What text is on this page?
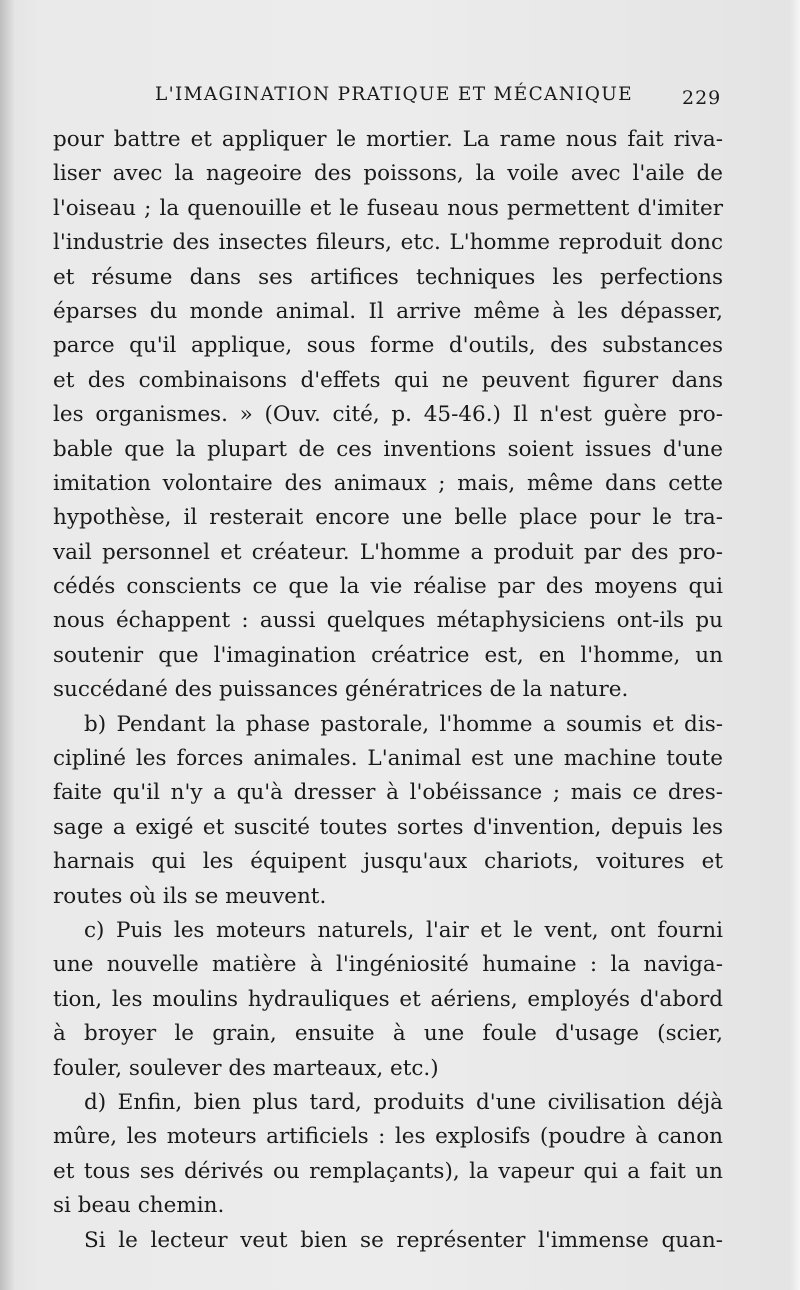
L'IMAGINATION PRATIQUE ET MÉCANIQUE	229
pour battre et appliquer le mortier. La rame nous fait riva-
liser avec la nageoire des poissons, la voile avec l'aile de
l'oiseau ; la quenouille et le fuseau nous permettent d'imiter
l'industrie des insectes fileurs, etc. L'homme reproduit donc
et résume dans ses artifices techniques les perfections
éparses du monde animal. Il arrive même à les dépasser,
parce qu'il applique, sous forme d'outils, des substances
et des combinaisons d'effets qui ne peuvent figurer dans
les organismes. » (Ouv. cité, p. 45-46.) Il n'est guère pro-
bable que la plupart de ces inventions soient issues d'une
imitation volontaire des animaux ; mais, même dans cette
hypothèse, il resterait encore une belle place pour le tra-
vail personnel et créateur. L'homme a produit par des pro-
cédés conscients ce que la vie réalise par des moyens qui
nous échappent : aussi quelques métaphysiciens ont-ils pu
soutenir que l'imagination créatrice est, en l'homme, un
succédané des puissances génératrices de la nature.
b) Pendant la phase pastorale, l'homme a soumis et dis-
cipliné les forces animales. L'animal est une machine toute
faite qu'il n'y a qu'à dresser à l'obéissance ; mais ce dres-
sage a exigé et suscité toutes sortes d'invention, depuis les
harnais qui les équipent jusqu'aux chariots, voitures et
routes où ils se meuvent.
c) Puis les moteurs naturels, l'air et le vent, ont fourni
une nouvelle matière à l'ingéniosité humaine : la naviga-
tion, les moulins hydrauliques et aériens, employés d'abord
à broyer le grain, ensuite à une foule d'usage (scier,
fouler, soulever des marteaux, etc.)
d) Enfin, bien plus tard, produits d'une civilisation déjà
mûre, les moteurs artificiels : les explosifs (poudre à canon
et tous ses dérivés ou remplaçants), la vapeur qui a fait un
si beau chemin.
Si le lecteur veut bien se représenter l'immense quan-
